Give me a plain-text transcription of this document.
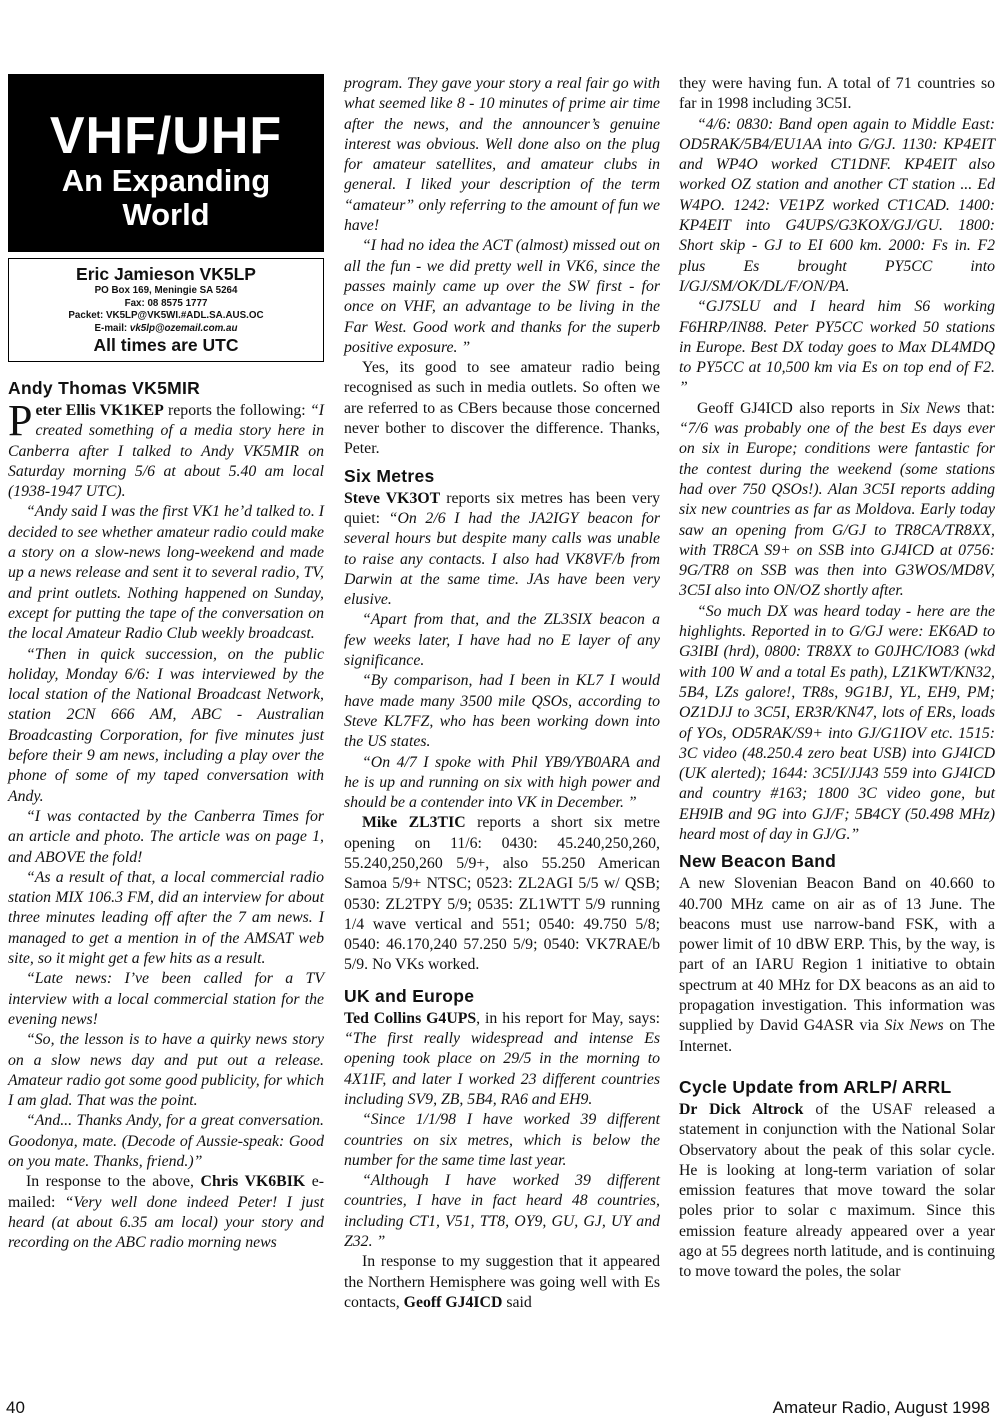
VHF/UHF
An Expanding
World
Eric Jamieson VK5LP
PO Box 169, Meningie SA 5264
Fax: 08 8575 1777
Packet: VK5LP@VK5WI.#ADL.SA.AUS.OC
E-mail: vk5lp@ozemail.com.au
All times are UTC
Andy Thomas VK5MIR

Peter Ellis VK1KEP reports the following: “I created something of a media story here in Canberra after I talked to Andy VK5MIR on Saturday morning 5/6 at about 5.40 am local (1938-1947 UTC).

“Andy said I was the first VK1 he’d talked to. I decided to see whether amateur radio could make a story on a slow-news long-weekend and made up a news release and sent it to several radio, TV, and print outlets. Nothing happened on Sunday, except for putting the tape of the conversation on the local Amateur Radio Club weekly broadcast.

“Then in quick succession, on the public holiday, Monday 6/6: I was interviewed by the local station of the National Broadcast Network, station 2CN 666 AM, ABC - Australian Broadcasting Corporation, for five minutes just before their 9 am news, including a play over the phone of some of my taped conversation with Andy.

“I was contacted by the Canberra Times for an article and photo. The article was on page 1, and ABOVE the fold!

“As a result of that, a local commercial radio station MIX 106.3 FM, did an interview for about three minutes leading off after the 7 am news. I managed to get a mention in of the AMSAT web site, so it might get a few hits as a result.

“Late news: I’ve been called for a TV interview with a local commercial station for the evening news!

“So, the lesson is to have a quirky news story on a slow news day and put out a release. Amateur radio got some good publicity, for which I am glad. That was the point.

“And... Thanks Andy, for a great conversation. Goodonya, mate. (Decode of Aussie-speak: Good on you mate. Thanks, friend.)”

In response to the above, Chris VK6BIK e-mailed: “Very well done indeed Peter! I just heard (at about 6.35 am local) your story and recording on the ABC radio morning news

program. They gave your story a real fair go with what seemed like 8 - 10 minutes of prime air time after the news, and the announcer’s genuine interest was obvious. Well done also on the plug for amateur satellites, and amateur clubs in general. I liked your description of the term “amateur” only referring to the amount of fun we have!

“I had no idea the ACT (almost) missed out on all the fun - we did pretty well in VK6, since the passes mainly came up over the SW first - for once on VHF, an advantage to be living in the Far West. Good work and thanks for the superb positive exposure. ”

Yes, its good to see amateur radio being recognised as such in media outlets. So often we are referred to as CBers because those concerned never bother to discover the difference. Thanks, Peter.

Six Metres

Steve VK3OT reports six metres has been very quiet: “On 2/6 I had the JA2IGY beacon for several hours but despite many calls was unable to raise any contacts. I also had VK8VF/b from Darwin at the same time. JAs have been very elusive.

“Apart from that, and the ZL3SIX beacon a few weeks later, I have had no E layer of any significance.

“By comparison, had I been in KL7 I would have made many 3500 mile QSOs, according to Steve KL7FZ, who has been working down into the US states.

“On 4/7 I spoke with Phil YB9/YB0ARA and he is up and running on six with high power and should be a contender into VK in December. ”

Mike ZL3TIC reports a short six metre opening on 11/6: 0430: 45.240,250,260, 55.240,250,260 5/9+, also 55.250 American Samoa 5/9+ NTSC; 0523: ZL2AGI 5/5 w/ QSB; 0530: ZL2TPY 5/9; 0535: ZL1WTT 5/9 running 1/4 wave vertical and 551; 0540: 49.750 5/8; 0540: 46.170,240 57.250 5/9; 0540: VK7RAE/b 5/9. No VKs worked.

UK and Europe

Ted Collins G4UPS, in his report for May, says: “The first really widespread and intense Es opening took place on 29/5 in the morning to 4X1IF, and later I worked 23 different countries including SV9, ZB, 5B4, RA6 and EH9.

“Since 1/1/98 I have worked 39 different countries on six metres, which is below the number for the same time last year.

“Although I have worked 39 different countries, I have in fact heard 48 countries, including CT1, V51, TT8, OY9, GU, GJ, UY and Z32. ”

In response to my suggestion that it appeared the Northern Hemisphere was going well with Es contacts, Geoff GJ4ICD said

they were having fun. A total of 71 countries so far in 1998 including 3C5I.

“4/6: 0830: Band open again to Middle East: OD5RAK/5B4/EU1AA into G/GJ. 1130: KP4EIT and WP4O worked CT1DNF. KP4EIT also worked OZ station and another CT station ... Ed W4PO. 1242: VE1PZ worked CT1CAD. 1400: KP4EIT into G4UPS/G3KOX/GJ/GU. 1800: Short skip - GJ to EI 600 km. 2000: Fs in. F2 plus Es brought PY5CC into I/GJ/SM/OK/DL/F/ON/PA.

“GJ7SLU and I heard him S6 working F6HRP/IN88. Peter PY5CC worked 50 stations in Europe. Best DX today goes to Max DL4MDQ to PY5CC at 10,500 km via Es on top end of F2. ”

Geoff GJ4ICD also reports in Six News that: “7/6 was probably one of the best Es days ever on six in Europe; conditions were fantastic for the contest during the weekend (some stations had over 750 QSOs!). Alan 3C5I reports adding six new countries as far as Moldova. Early today saw an opening from G/GJ to TR8CA/TR8XX, with TR8CA S9+ on SSB into GJ4ICD at 0756: 9G/TR8 on SSB was then into G3WOS/MD8V, 3C5I also into ON/OZ shortly after.

“So much DX was heard today - here are the highlights. Reported in to G/GJ were: EK6AD to G3IBI (hrd), 0800: TR8XX to G0JHC/IO83 (wkd with 100 W and a total Es path), LZ1KWT/KN32, 5B4, LZs galore!, TR8s, 9G1BJ, YL, EH9, PM; OZ1DJJ to 3C5I, ER3R/KN47, lots of ERs, loads of YOs, OD5RAK/S9+ into GJ/G1IOV etc. 1515: 3C video (48.250.4 zero beat USB) into GJ4ICD (UK alerted); 1644: 3C5I/JJ43 559 into GJ4ICD and country #163; 1800 3C video gone, but EH9IB and 9G into GJ/F; 5B4CY (50.498 MHz) heard most of day in GJ/G.”

New Beacon Band

A new Slovenian Beacon Band on 40.660 to 40.700 MHz came on air as of 13 June. The beacons must use narrow-band FSK, with a power limit of 10 dBW ERP. This, by the way, is part of an IARU Region 1 initiative to obtain spectrum at 40 MHz for DX beacons as an aid to propagation investigation. This information was supplied by David G4ASR via Six News on The Internet.

Cycle Update from ARLP/ ARRL

Dr Dick Altrock of the USAF released a statement in conjunction with the National Solar Observatory about the peak of this solar cycle. He is looking at long-term variation of solar emission features that move toward the solar poles prior to solar c maximum. Since this emission feature already appeared over a year ago at 55 degrees north latitude, and is continuing to move toward the poles, the solar

40	Amateur Radio, August 1998
